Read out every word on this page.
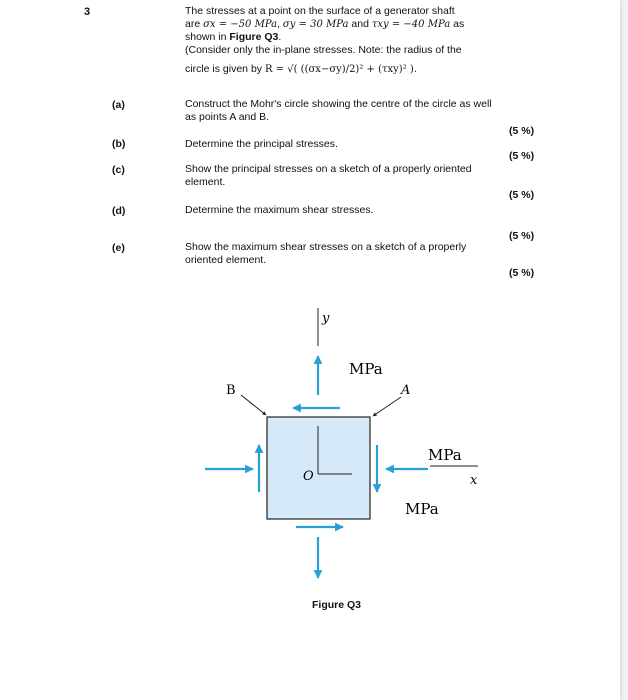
3	The stresses at a point on the surface of a generator shaft
are σx = −50 MPa, σy = 30 MPa and τxy = −40 MPa as
shown in Figure Q3.
(Consider only the in-plane stresses. Note: the radius of the
circle is given by R = √( ((σx−σy)/2)² + (τxy)² ).
(a)	Construct the Mohr's circle showing the centre of the circle as well as points A and B.
(5 %)
(b)	Determine the principal stresses.
(5 %)
(c)	Show the principal stresses on a sketch of a properly oriented element.
(5 %)
(d)	Determine the maximum shear stresses.
(5 %)
(e)	Show the maximum shear stresses on a sketch of a properly oriented element.
(5 %)
y
O	x
B	A
MPa
MPa
MPa
Figure Q3
